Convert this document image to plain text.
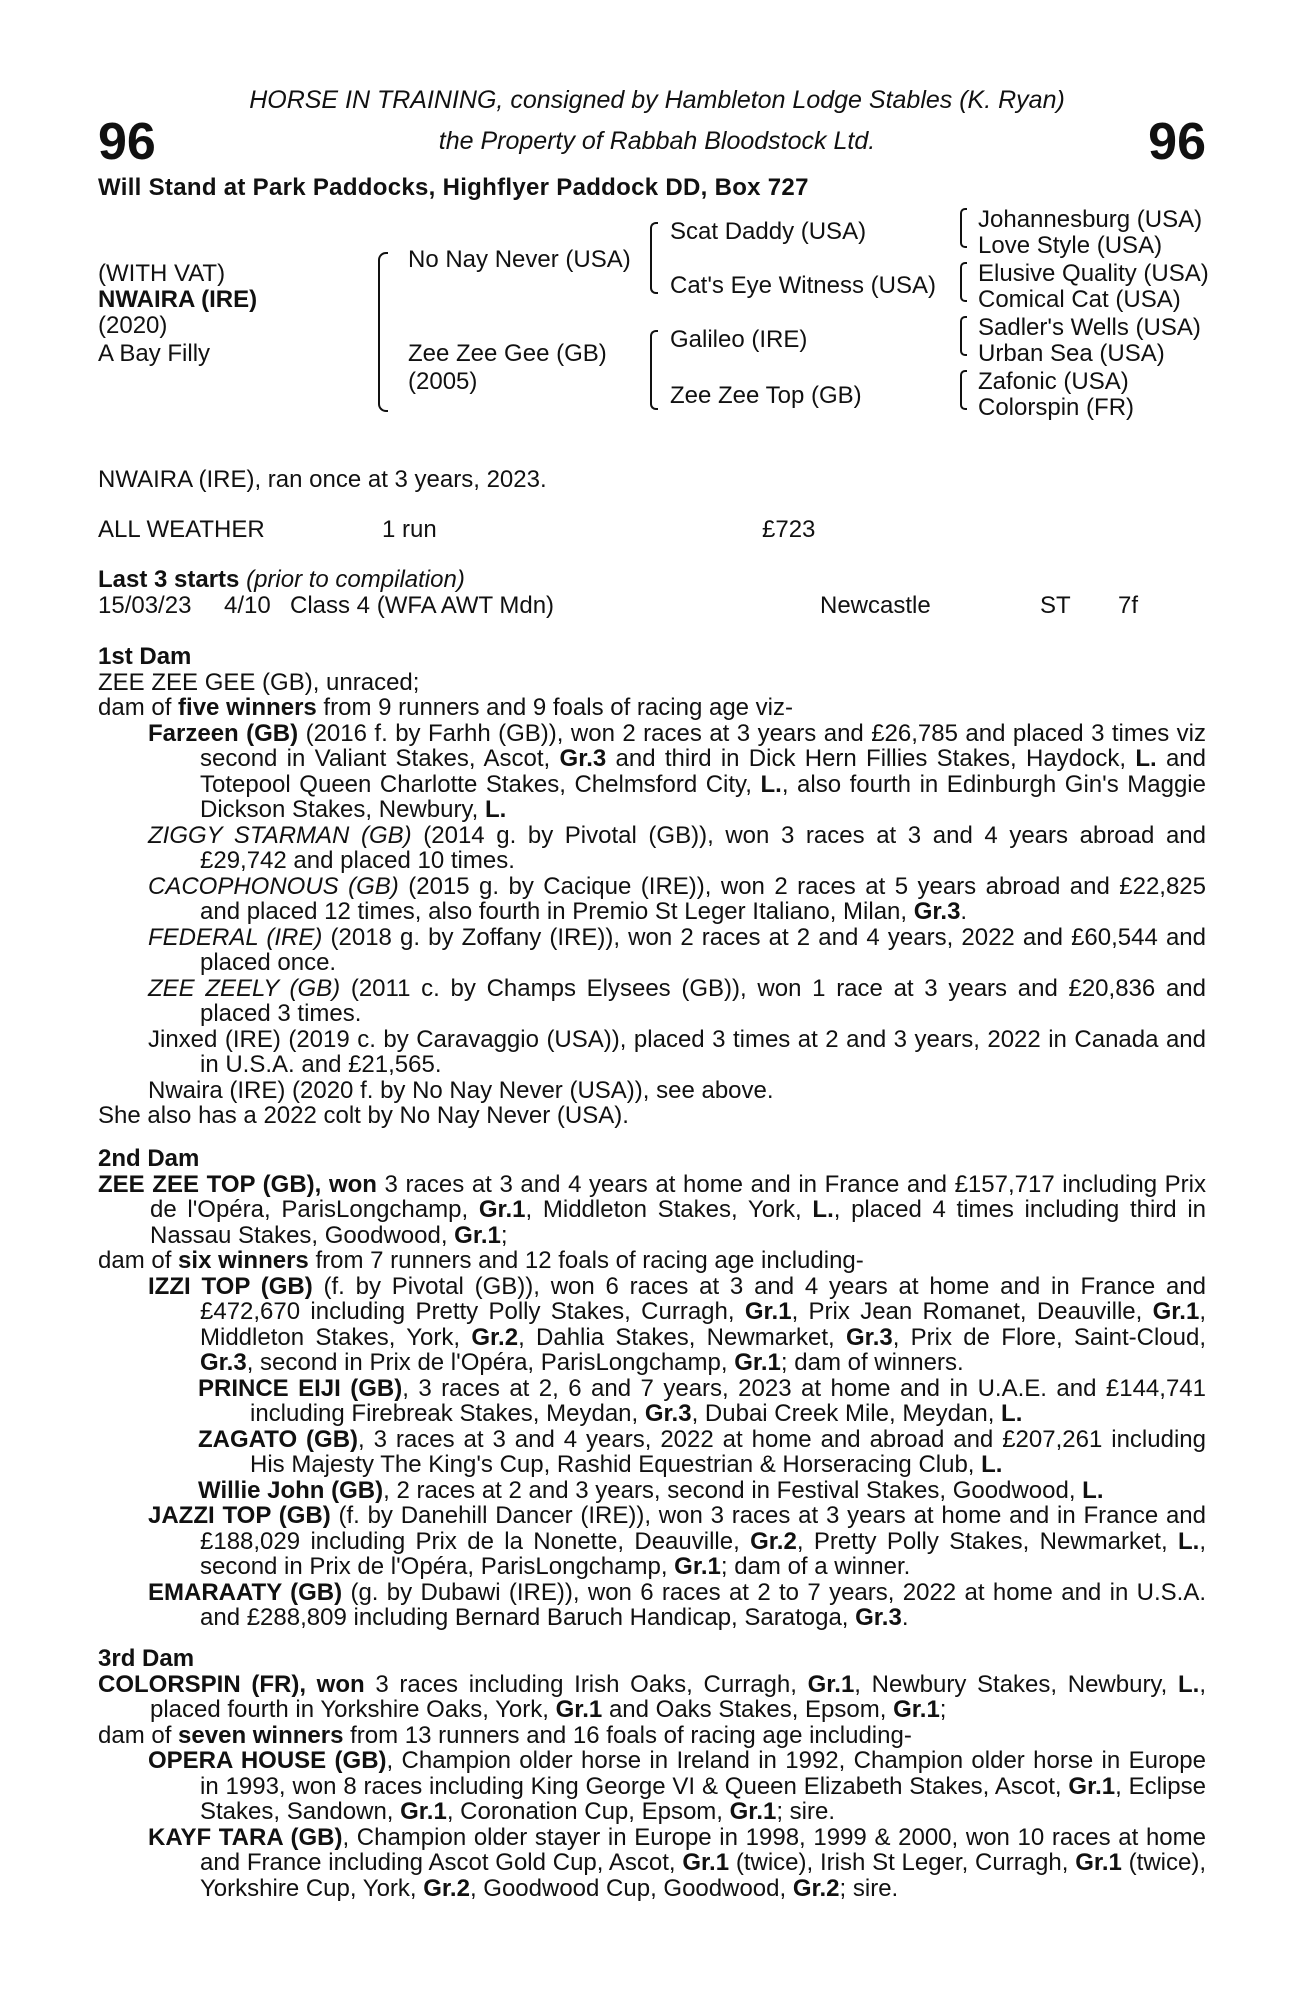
96	96
HORSE IN TRAINING, consigned by Hambleton Lodge Stables (K. Ryan)
the Property of Rabbah Bloodstock Ltd.
Will Stand at Park Paddocks, Highflyer Paddock DD, Box 727
(WITH VAT)
NWAIRA (IRE)
(2020)
A Bay Filly
No Nay Never (USA)
Zee Zee Gee (GB)
(2005)
Scat Daddy (USA)
Cat's Eye Witness (USA)
Galileo (IRE)
Zee Zee Top (GB)
Johannesburg (USA)
Love Style (USA)
Elusive Quality (USA)
Comical Cat (USA)
Sadler's Wells (USA)
Urban Sea (USA)
Zafonic (USA)
Colorspin (FR)
NWAIRA (IRE), ran once at 3 years, 2023.
ALL WEATHER	1 run	£723
Last 3 starts (prior to compilation)
15/03/23 4/10 Class 4 (WFA AWT Mdn)	Newcastle	ST 7f
1st Dam
ZEE ZEE GEE (GB), unraced;
dam of five winners from 9 runners and 9 foals of racing age viz-
Farzeen (GB) (2016 f. by Farhh (GB)), won 2 races at 3 years and £26,785 and placed 3 times viz second in Valiant Stakes, Ascot, Gr.3 and third in Dick Hern Fillies Stakes, Haydock, L. and Totepool Queen Charlotte Stakes, Chelmsford City, L., also fourth in Edinburgh Gin's Maggie Dickson Stakes, Newbury, L.
ZIGGY STARMAN (GB) (2014 g. by Pivotal (GB)), won 3 races at 3 and 4 years abroad and £29,742 and placed 10 times.
CACOPHONOUS (GB) (2015 g. by Cacique (IRE)), won 2 races at 5 years abroad and £22,825 and placed 12 times, also fourth in Premio St Leger Italiano, Milan, Gr.3.
FEDERAL (IRE) (2018 g. by Zoffany (IRE)), won 2 races at 2 and 4 years, 2022 and £60,544 and placed once.
ZEE ZEELY (GB) (2011 c. by Champs Elysees (GB)), won 1 race at 3 years and £20,836 and placed 3 times.
Jinxed (IRE) (2019 c. by Caravaggio (USA)), placed 3 times at 2 and 3 years, 2022 in Canada and in U.S.A. and £21,565.
Nwaira (IRE) (2020 f. by No Nay Never (USA)), see above.
She also has a 2022 colt by No Nay Never (USA).
2nd Dam
ZEE ZEE TOP (GB), won 3 races at 3 and 4 years at home and in France and £157,717 including Prix de l'Opéra, ParisLongchamp, Gr.1, Middleton Stakes, York, L., placed 4 times including third in Nassau Stakes, Goodwood, Gr.1;
dam of six winners from 7 runners and 12 foals of racing age including-
IZZI TOP (GB) (f. by Pivotal (GB)), won 6 races at 3 and 4 years at home and in France and £472,670 including Pretty Polly Stakes, Curragh, Gr.1, Prix Jean Romanet, Deauville, Gr.1, Middleton Stakes, York, Gr.2, Dahlia Stakes, Newmarket, Gr.3, Prix de Flore, Saint-Cloud, Gr.3, second in Prix de l'Opéra, ParisLongchamp, Gr.1; dam of winners.
PRINCE EIJI (GB), 3 races at 2, 6 and 7 years, 2023 at home and in U.A.E. and £144,741 including Firebreak Stakes, Meydan, Gr.3, Dubai Creek Mile, Meydan, L.
ZAGATO (GB), 3 races at 3 and 4 years, 2022 at home and abroad and £207,261 including His Majesty The King's Cup, Rashid Equestrian & Horseracing Club, L.
Willie John (GB), 2 races at 2 and 3 years, second in Festival Stakes, Goodwood, L.
JAZZI TOP (GB) (f. by Danehill Dancer (IRE)), won 3 races at 3 years at home and in France and £188,029 including Prix de la Nonette, Deauville, Gr.2, Pretty Polly Stakes, Newmarket, L., second in Prix de l'Opéra, ParisLongchamp, Gr.1; dam of a winner.
EMARAATY (GB) (g. by Dubawi (IRE)), won 6 races at 2 to 7 years, 2022 at home and in U.S.A. and £288,809 including Bernard Baruch Handicap, Saratoga, Gr.3.
3rd Dam
COLORSPIN (FR), won 3 races including Irish Oaks, Curragh, Gr.1, Newbury Stakes, Newbury, L., placed fourth in Yorkshire Oaks, York, Gr.1 and Oaks Stakes, Epsom, Gr.1;
dam of seven winners from 13 runners and 16 foals of racing age including-
OPERA HOUSE (GB), Champion older horse in Ireland in 1992, Champion older horse in Europe in 1993, won 8 races including King George VI & Queen Elizabeth Stakes, Ascot, Gr.1, Eclipse Stakes, Sandown, Gr.1, Coronation Cup, Epsom, Gr.1; sire.
KAYF TARA (GB), Champion older stayer in Europe in 1998, 1999 & 2000, won 10 races at home and France including Ascot Gold Cup, Ascot, Gr.1 (twice), Irish St Leger, Curragh, Gr.1 (twice), Yorkshire Cup, York, Gr.2, Goodwood Cup, Goodwood, Gr.2; sire.
